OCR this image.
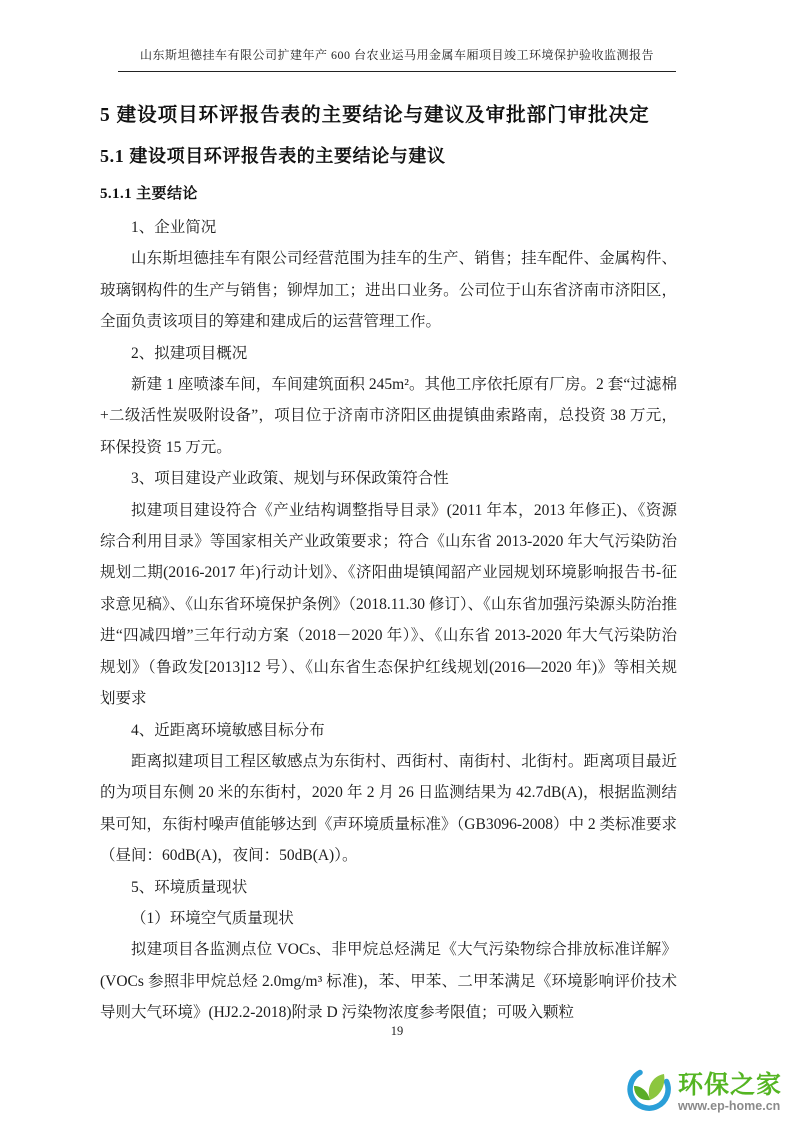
山东斯坦德挂车有限公司扩建年产 600 台农业运马用金属车厢项目竣工环境保护验收监测报告
5 建设项目环评报告表的主要结论与建议及审批部门审批决定
5.1 建设项目环评报告表的主要结论与建议
5.1.1 主要结论

1、企业简况

山东斯坦德挂车有限公司经营范围为挂车的生产、销售；挂车配件、金属构件、玻璃钢构件的生产与销售；铆焊加工；进出口业务。公司位于山东省济南市济阳区，全面负责该项目的筹建和建成后的运营管理工作。

2、拟建项目概况

新建 1 座喷漆车间，车间建筑面积 245m²。其他工序依托原有厂房。2 套“过滤棉+二级活性炭吸附设备”，项目位于济南市济阳区曲提镇曲索路南，总投资 38 万元，环保投资 15 万元。

3、项目建设产业政策、规划与环保政策符合性

拟建项目建设符合《产业结构调整指导目录》(2011 年本，2013 年修正)、《资源综合利用目录》等国家相关产业政策要求；符合《山东省 2013-2020 年大气污染防治规划二期(2016-2017 年)行动计划》、《济阳曲堤镇闻韶产业园规划环境影响报告书-征求意见稿》、《山东省环境保护条例》（2018.11.30 修订）、《山东省加强污染源头防治推进“四减四增”三年行动方案（2018－2020 年）》、《山东省 2013-2020 年大气污染防治规划》（鲁政发[2013]12 号）、《山东省生态保护红线规划(2016—2020 年)》等相关规划要求

4、近距离环境敏感目标分布

距离拟建项目工程区敏感点为东街村、西街村、南街村、北街村。距离项目最近的为项目东侧 20 米的东街村，2020 年 2 月 26 日监测结果为 42.7dB(A)，根据监测结果可知，东街村噪声值能够达到《声环境质量标准》（GB3096-2008）中 2 类标准要求（昼间：60dB(A)，夜间：50dB(A)）。

5、环境质量现状

（1）环境空气质量现状

拟建项目各监测点位 VOCs、非甲烷总烃满足《大气污染物综合排放标准详解》(VOCs 参照非甲烷总烃 2.0mg/m³ 标准)，苯、甲苯、二甲苯满足《环境影响评价技术导则大气环境》(HJ2.2-2018)附录 D 污染物浓度参考限值；可吸入颗粒

19
环保之家
www.ep-home.cn
